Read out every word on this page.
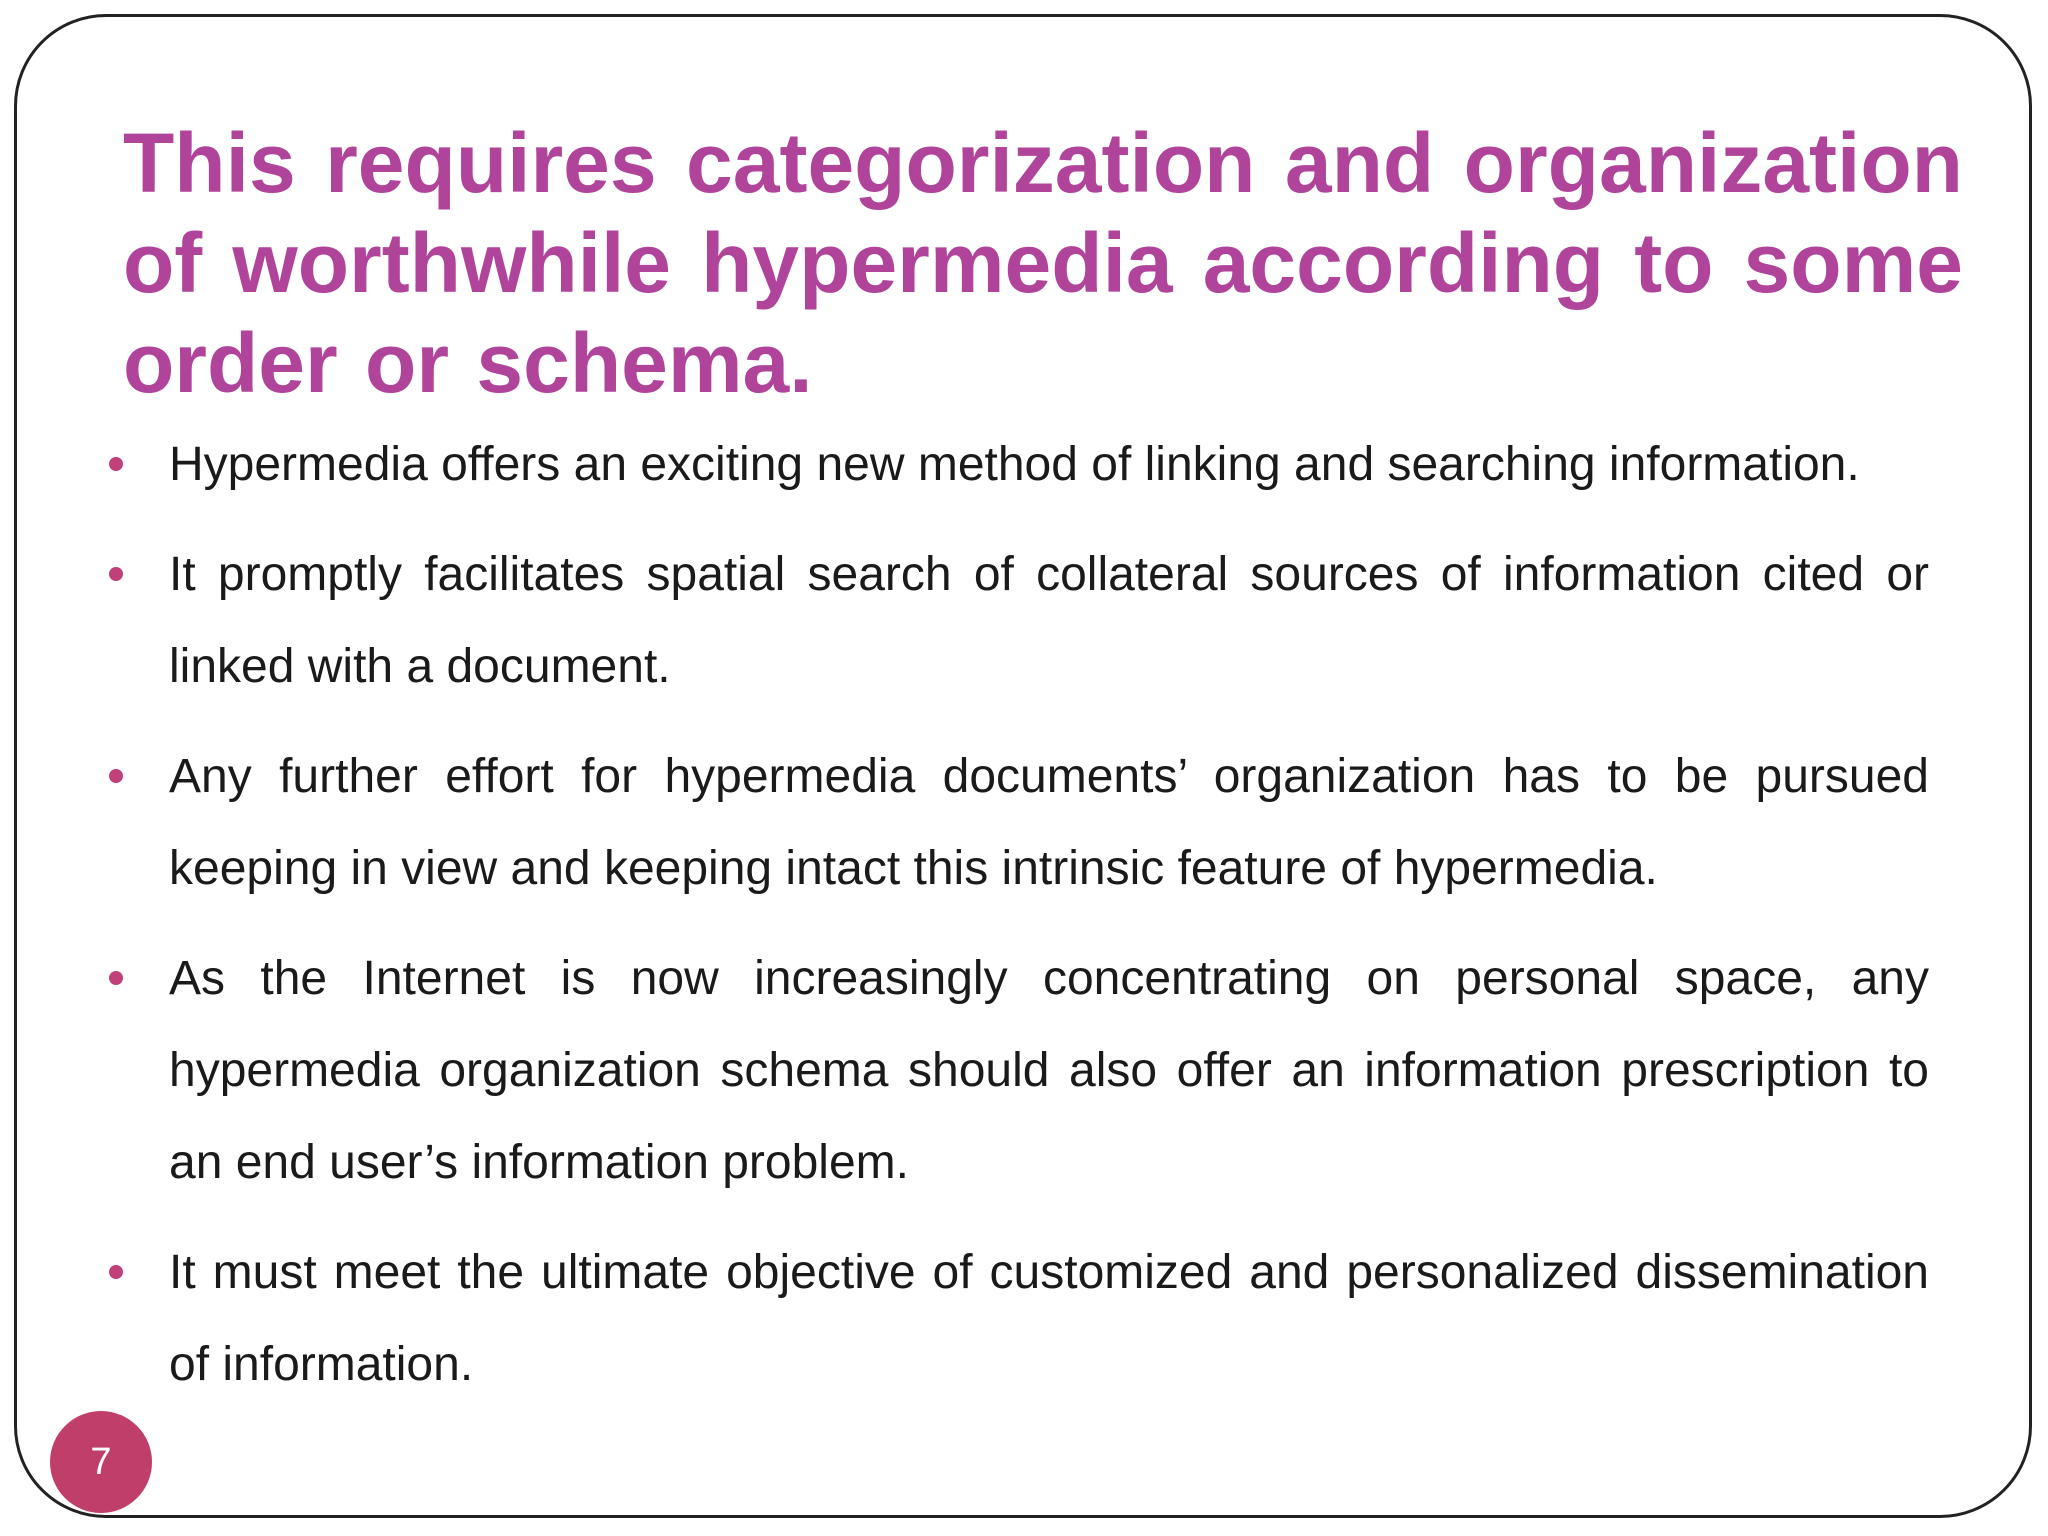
This requires categorization and organization of worthwhile hypermedia according to some order or schema.
Hypermedia offers an exciting new method of linking and searching information.
It promptly facilitates spatial search of collateral sources of information cited or linked with a document.
Any further effort for hypermedia documents’ organization has to be pursued keeping in view and keeping intact this intrinsic feature of hypermedia.
As the Internet is now increasingly concentrating on personal space, any hypermedia organization schema should also offer an information prescription to an end user’s information problem.
It must meet the ultimate objective of customized and personalized dissemination of information.
7
